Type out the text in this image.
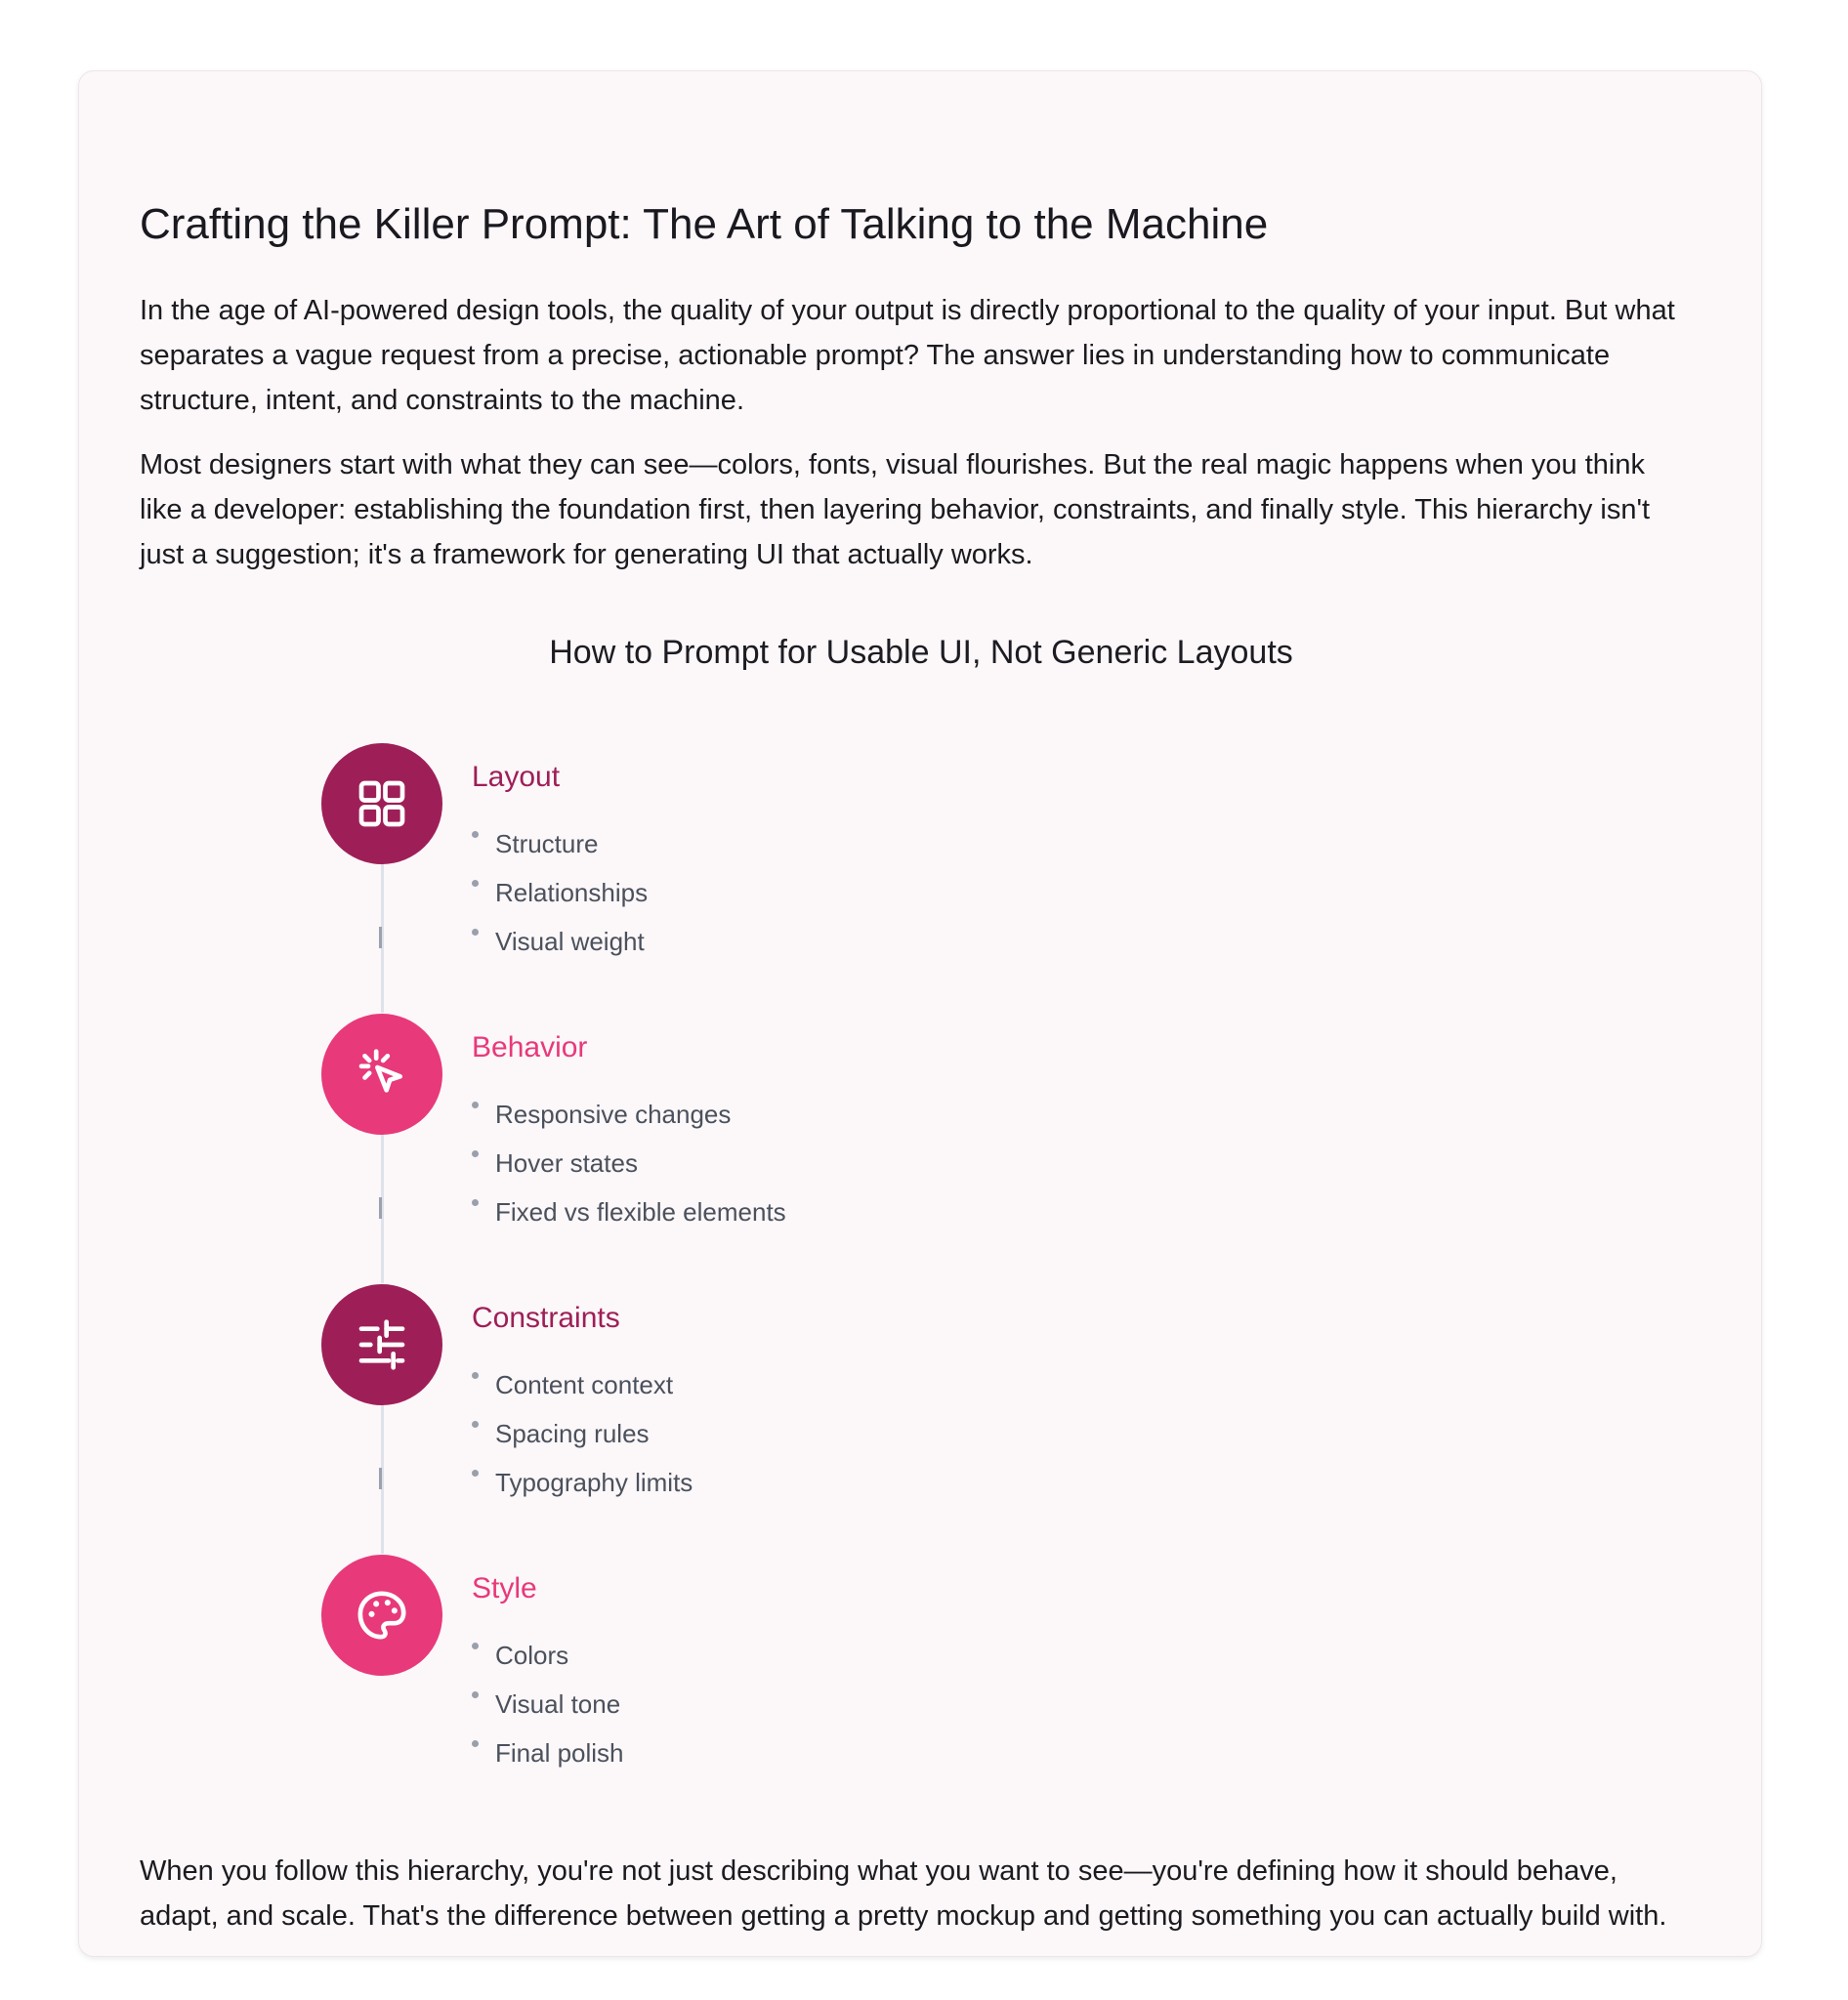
Crafting the Killer Prompt: The Art of Talking to the Machine

In the age of AI-powered design tools, the quality of your output is directly proportional to the quality of your input. But what separates a vague request from a precise, actionable prompt? The answer lies in understanding how to communicate structure, intent, and constraints to the machine.

Most designers start with what they can see—colors, fonts, visual flourishes. But the real magic happens when you think like a developer: establishing the foundation first, then layering behavior, constraints, and finally style. This hierarchy isn't just a suggestion; it's a framework for generating UI that actually works.

How to Prompt for Usable UI, Not Generic Layouts
Layout
Structure
Relationships
Visual weight
Behavior
Responsive changes
Hover states
Fixed vs flexible elements
Constraints
Content context
Spacing rules
Typography limits
Style
Colors
Visual tone
Final polish

When you follow this hierarchy, you're not just describing what you want to see—you're defining how it should behave, adapt, and scale. That's the difference between getting a pretty mockup and getting something you can actually build with.
